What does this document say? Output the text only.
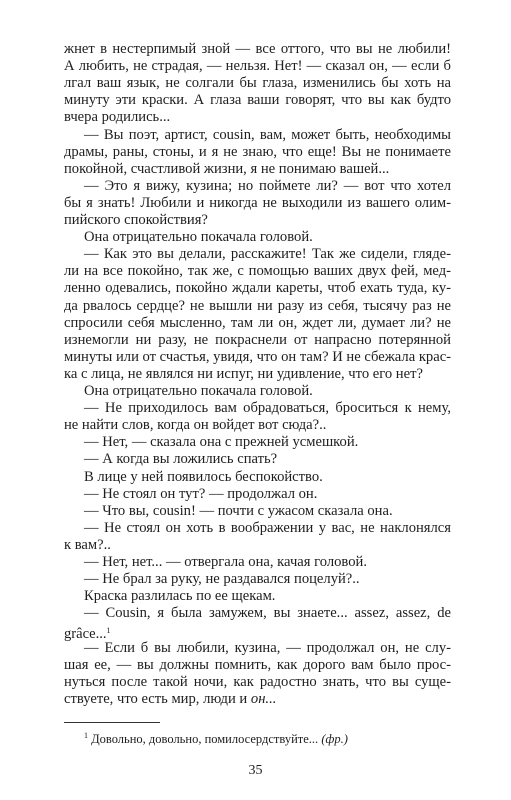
жнет в нестерпимый зной — все оттого, что вы не любили!
А любить, не страдая, — нельзя. Нет! — сказал он, — если б
лгал ваш язык, не солгали бы глаза, изменились бы хоть на
минуту эти краски. А глаза ваши говорят, что вы как будто
вчера родились...
— Вы поэт, артист, cousin, вам, может быть, необходимы
драмы, раны, стоны, и я не знаю, что еще! Вы не понимаете
покойной, счастливой жизни, я не понимаю вашей...
— Это я вижу, кузина; но поймете ли? — вот что хотел
бы я знать! Любили и никогда не выходили из вашего олим-
пийского спокойствия?
Она отрицательно покачала головой.
— Как это вы делали, расскажите! Так же сидели, гляде-
ли на все покойно, так же, с помощью ваших двух фей, мед-
ленно одевались, покойно ждали кареты, чтоб ехать туда, ку-
да рвалось сердце? не вышли ни разу из себя, тысячу раз не
спросили себя мысленно, там ли он, ждет ли, думает ли? не
изнемогли ни разу, не покраснели от напрасно потерянной
минуты или от счастья, увидя, что он там? И не сбежала крас-
ка с лица, не являлся ни испуг, ни удивление, что его нет?
Она отрицательно покачала головой.
— Не приходилось вам обрадоваться, броситься к нему,
не найти слов, когда он войдет вот сюда?..
— Нет, — сказала она с прежней усмешкой.
— А когда вы ложились спать?
В лице у ней появилось беспокойство.
— Не стоял он тут? — продолжал он.
— Что вы, cousin! — почти с ужасом сказала она.
— Не стоял он хоть в воображении у вас, не наклонялся
к вам?..
— Нет, нет... — отвергала она, качая головой.
— Не брал за руку, не раздавался поцелуй?..
Краска разлилась по ее щекам.
— Cousin, я была замужем, вы знаете... assez, assez, de
grâce...$^1$
— Если б вы любили, кузина, — продолжал он, не слу-
шая ее, — вы должны помнить, как дорого вам было прос-
нуться после такой ночи, как радостно знать, что вы суще-
ствуете, что есть мир, люди и он...
$^1$ Довольно, довольно, помилосердствуйте... (фр.)
35
